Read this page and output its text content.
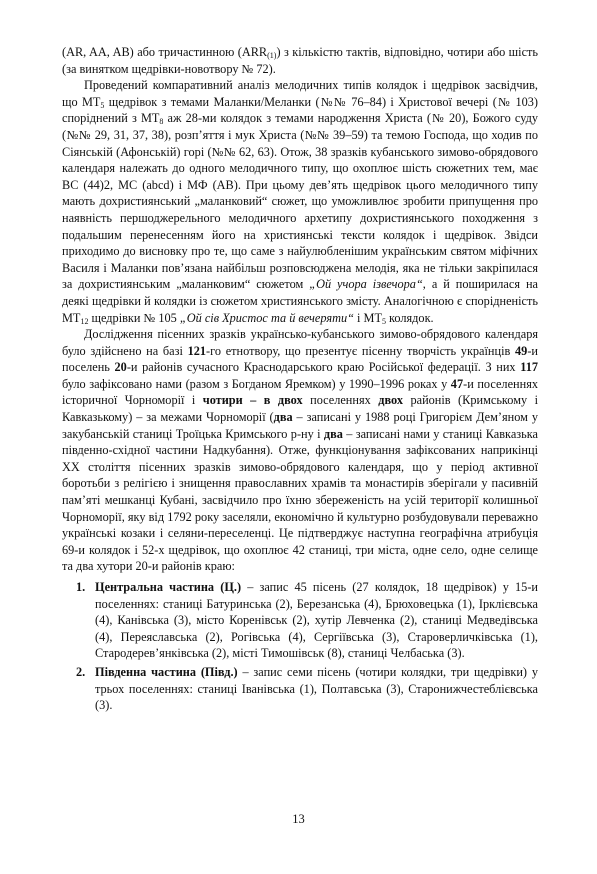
(AR, AA, AB) або тричастинною $(ARR_{(1)})$ з кількістю тактів, відповідно, чотири або шість (за винятком щедрівки-новотвору № 72).

Проведений компаративний аналіз мелодичних типів колядок і щедрівок засвідчив, що $МТ_5$ щедрівок з темами Маланки/Меланки (№№ 76–84) і Христової вечері (№ 103) споріднений з $МТ_8$ аж 28-ми колядок з темами народження Христа (№ 20), Божого суду (№№ 29, 31, 37, 38), розп’яття і мук Христа (№№ 39–59) та темою Господа, що ходив по Сіянській (Афонській) горі (№№ 62, 63). Отож, 38 зразків кубанського зимово-обрядового календаря належать до одного мелодичного типу, що охоплює шість сюжетних тем, має ВС (44)2, МС (abcd) і МФ (АВ). При цьому дев’ять щедрівок цього мелодичного типу мають дохристиянський „маланковий“ сюжет, що уможливлює зробити припущення про наявність першоджерельного мелодичного архетипу дохристиянського походження з подальшим перенесенням його на християнські тексти колядок і щедрівок. Звідси приходимо до висновку про те, що саме з найулюбленішим українським святом міфічних Василя і Маланки пов’язана найбільш розповсюджена мелодія, яка не тільки закріпилася за дохристиянським „маланковим“ сюжетом „Ой учора ізвечора“, а й поширилася на деякі щедрівки й колядки із сюжетом християнського змісту. Аналогічною є спорідненість $МТ_{12}$ щедрівки № 105 „Ой сів Христос та й вечеряти“ і $МТ_5$ колядок.

Дослідження пісенних зразків українсько-кубанського зимово-обрядового календаря було здійснено на базі 121-го етнотвору, що презентує пісенну творчість українців 49-и поселень 20-и районів сучасного Краснодарського краю Російської федерації. З них 117 було зафіксовано нами (разом з Богданом Яремком) у 1990–1996 роках у 47-и поселеннях історичної Чорноморії і чотири – в двох поселеннях двох районів (Кримському і Кавказькому) – за межами Чорноморії (два – записані у 1988 році Григорієм Дем’яном у закубанській станиці Троїцька Кримського р-ну і два – записані нами у станиці Кавказька південно-східної частини Надкубання). Отже, функціонування зафіксованих наприкінці ХХ століття пісенних зразків зимово-обрядового календаря, що у період активної боротьби з релігією і знищення православних храмів та монастирів зберігали у пасивній пам’яті мешканці Кубані, засвідчило про їхню збереженість на усій території колишньої Чорноморії, яку від 1792 року заселяли, економічно й культурно розбудовували переважно українські козаки і селяни-переселенці. Це підтверджує наступна географічна атрибуція 69-и колядок і 52-х щедрівок, що охоплює 42 станиці, три міста, одне село, одне селище та два хутори 20-и районів краю:

1. Центральна частина (Ц.) – запис 45 пісень (27 колядок, 18 щедрівок) у 15-и поселеннях: станиці Батуринська (2), Березанська (4), Брюховецька (1), Ірклієвська (4), Канівська (3), місто Коренівськ (2), хутір Левченка (2), станиці Медведівська (4), Переяславська (2), Рогівська (4), Сергіївська (3), Староверличківська (1), Стародерев’янківська (2), місті Тимошівськ (8), станиці Челбаська (3).
2. Південна частина (Півд.) – запис семи пісень (чотири колядки, три щедрівки) у трьох поселеннях: станиці Іванівська (1), Полтавська (3), Старонижчестеблієвська (3).
13
